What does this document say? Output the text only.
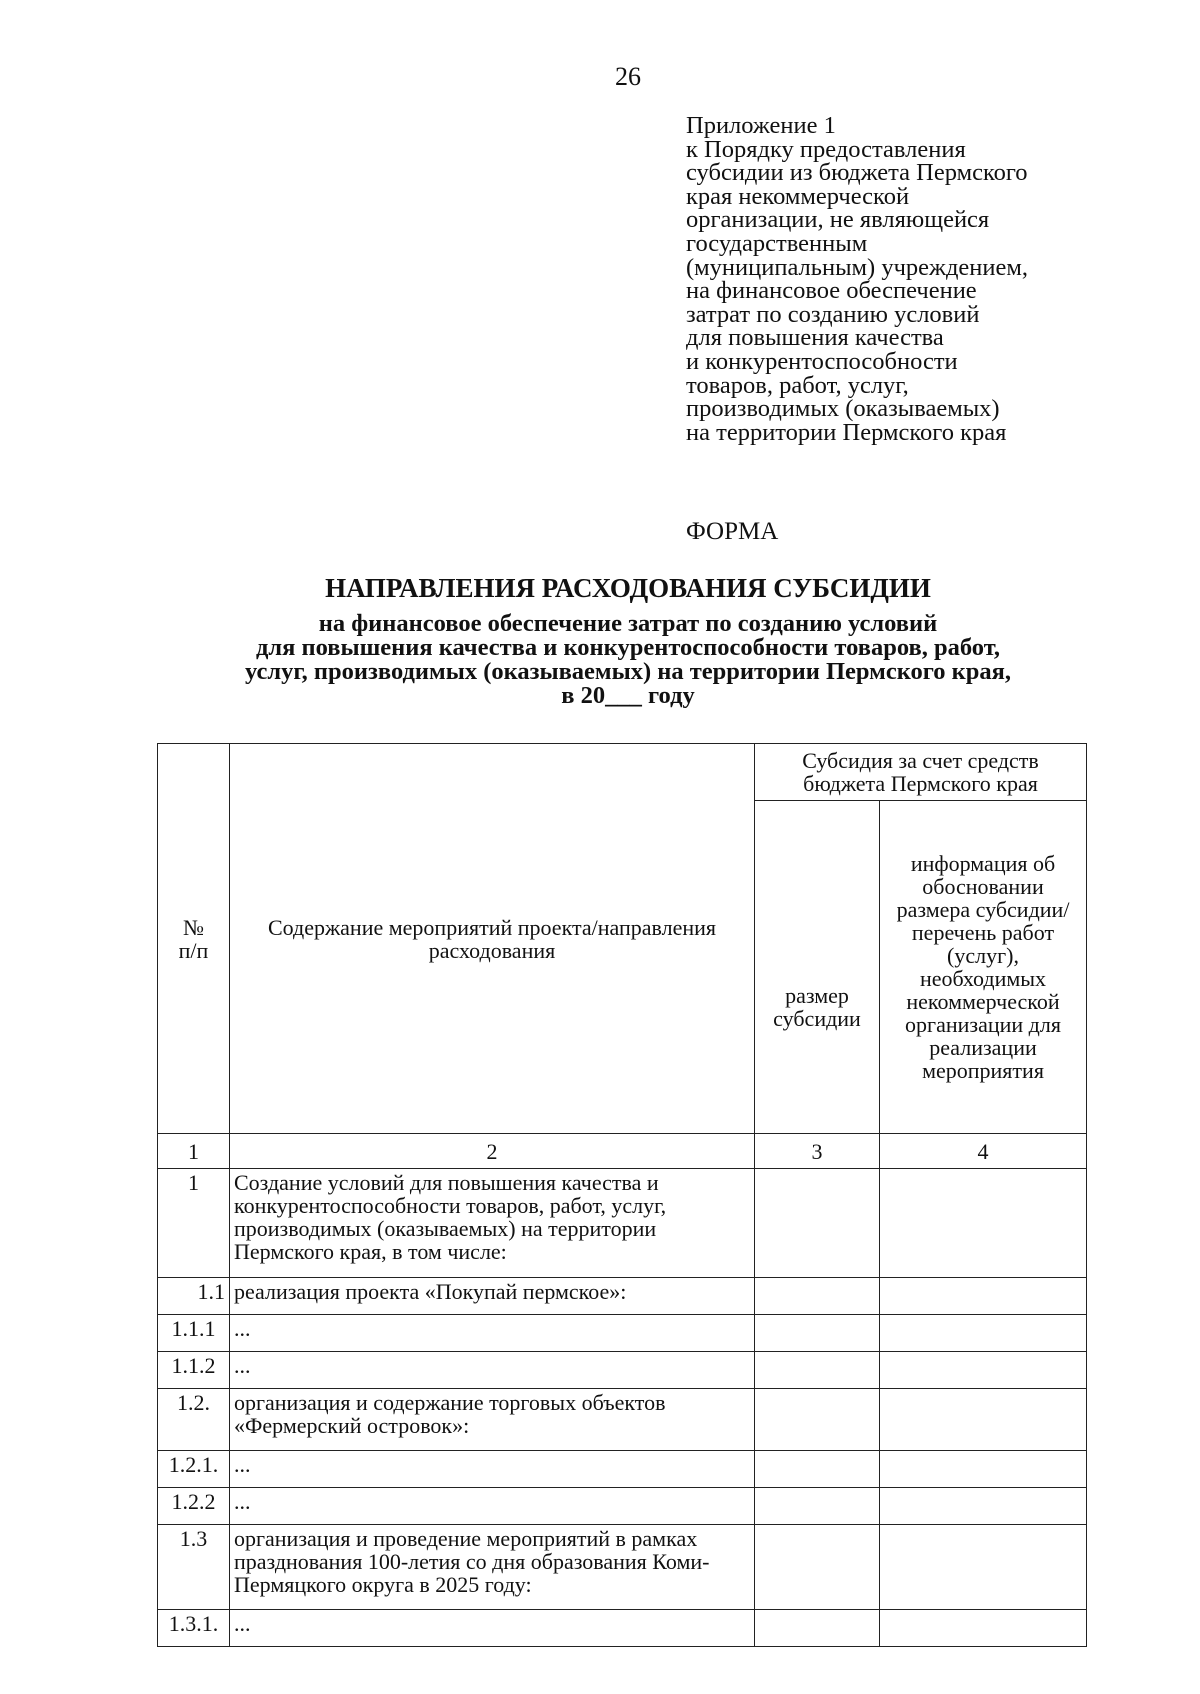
26
Приложение 1
к Порядку предоставления
субсидии из бюджета Пермского
края некоммерческой
организации, не являющейся
государственным
(муниципальным) учреждением,
на финансовое обеспечение
затрат по созданию условий
для повышения качества
и конкурентоспособности
товаров, работ, услуг,
производимых (оказываемых)
на территории Пермского края
ФОРМА
НАПРАВЛЕНИЯ РАСХОДОВАНИЯ СУБСИДИИ
на финансовое обеспечение затрат по созданию условий
для повышения качества и конкурентоспособности товаров, работ,
услуг, производимых (оказываемых) на территории Пермского края,
в 20___ году
№ п/п	Содержание мероприятий проекта/направления расходования	Субсидия за счет средств бюджета Пермского края	
		размер субсидии	информация об обосновании размера субсидии/ перечень работ (услуг), необходимых некоммерческой организации для реализации мероприятия
1	2	3	4
1	Создание условий для повышения качества и конкурентоспособности товаров, работ, услуг, производимых (оказываемых) на территории Пермского края, в том числе:		
1.1	реализация проекта «Покупай пермское»:		
1.1.1	...		
1.1.2	...		
1.2.	организация и содержание торговых объектов «Фермерский островок»:		
1.2.1.	...		
1.2.2	...		
1.3	организация и проведение мероприятий в рамках празднования 100-летия со дня образования Коми-Пермяцкого округа в 2025 году:		
1.3.1.	...		
